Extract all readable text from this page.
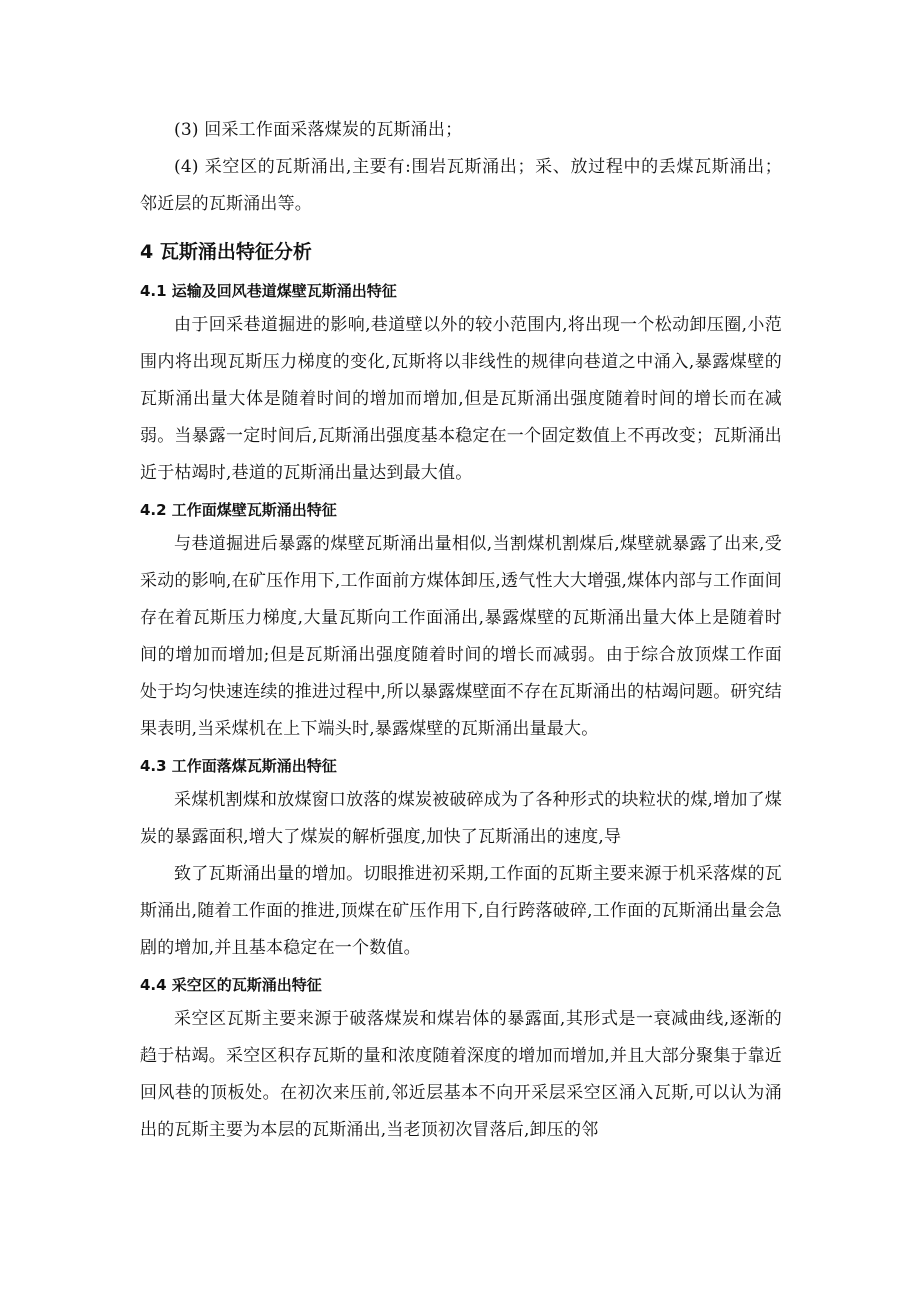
(3) 回采工作面采落煤炭的瓦斯涌出；

(4) 采空区的瓦斯涌出,主要有:围岩瓦斯涌出；采、放过程中的丢煤瓦斯涌出； 邻近层的瓦斯涌出等。

4 瓦斯涌出特征分析
4.1 运输及回风巷道煤壁瓦斯涌出特征

由于回采巷道掘进的影响,巷道壁以外的较小范围内,将出现一个松动卸压圈,小范围内将出现瓦斯压力梯度的变化,瓦斯将以非线性的规律向巷道之中涌入,暴露煤壁的瓦斯涌出量大体是随着时间的增加而增加,但是瓦斯涌出强度随着时间的增长而在减弱。当暴露一定时间后,瓦斯涌出强度基本稳定在一个固定数值上不再改变；瓦斯涌出近于枯竭时,巷道的瓦斯涌出量达到最大值。

4.2 工作面煤壁瓦斯涌出特征

与巷道掘进后暴露的煤壁瓦斯涌出量相似,当割煤机割煤后,煤壁就暴露了出来,受采动的影响,在矿压作用下,工作面前方煤体卸压,透气性大大增强,煤体内部与工作面间存在着瓦斯压力梯度,大量瓦斯向工作面涌出,暴露煤壁的瓦斯涌出量大体上是随着时间的增加而增加;但是瓦斯涌出强度随着时间的增长而减弱。由于综合放顶煤工作面处于均匀快速连续的推进过程中,所以暴露煤壁面不存在瓦斯涌出的枯竭问题。研究结果表明,当采煤机在上下端头时,暴露煤壁的瓦斯涌出量最大。

4.3 工作面落煤瓦斯涌出特征

采煤机割煤和放煤窗口放落的煤炭被破碎成为了各种形式的块粒状的煤,增加了煤炭的暴露面积,增大了煤炭的解析强度,加快了瓦斯涌出的速度,导

致了瓦斯涌出量的增加。切眼推进初采期,工作面的瓦斯主要来源于机采落煤的瓦斯涌出,随着工作面的推进,顶煤在矿压作用下,自行跨落破碎,工作面的瓦斯涌出量会急剧的增加,并且基本稳定在一个数值。

4.4 采空区的瓦斯涌出特征

采空区瓦斯主要来源于破落煤炭和煤岩体的暴露面,其形式是一衰减曲线,逐渐的趋于枯竭。采空区积存瓦斯的量和浓度随着深度的增加而增加,并且大部分聚集于靠近回风巷的顶板处。在初次来压前,邻近层基本不向开采层采空区涌入瓦斯,可以认为涌出的瓦斯主要为本层的瓦斯涌出,当老顶初次冒落后,卸压的邻
